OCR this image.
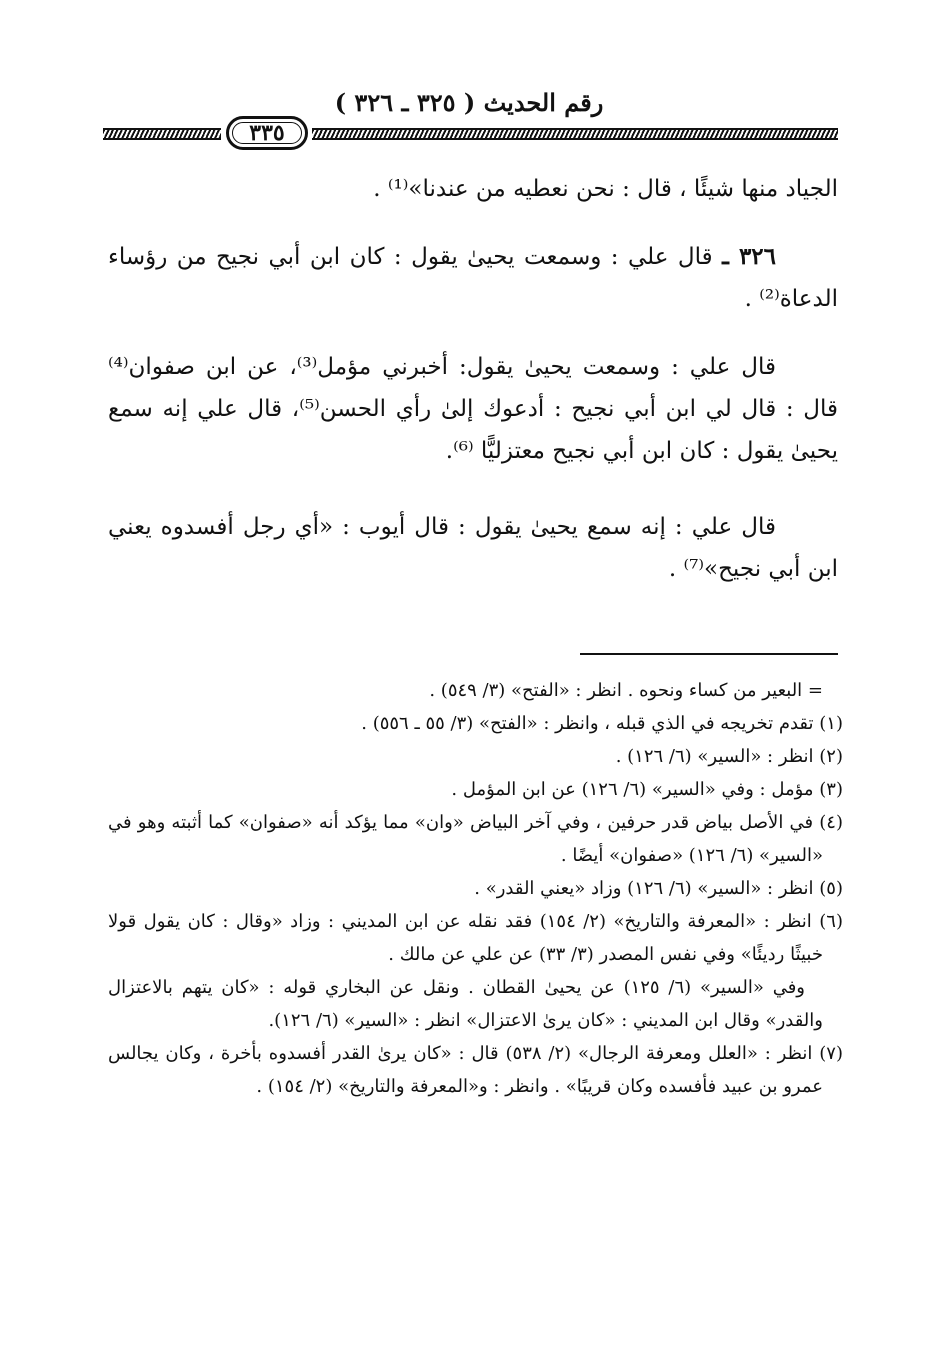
رقم الحديث ( ٣٢٥ ـ ٣٢٦ )
٣٣٥

الجياد منها شيئًا ، قال : نحن نعطيه من عندنا»⁽¹⁾ .

٣٢٦ ـ قال علي : وسمعت يحيىٰ يقول : كان ابن أبي نجيح من رؤساء الدعاة⁽²⁾ .

قال علي : وسمعت يحيىٰ يقول: أخبرني مؤمل⁽³⁾، عن ابن صفوان⁽⁴⁾ قال : قال لي ابن أبي نجيح : أدعوك إلىٰ رأي الحسن⁽⁵⁾، قال علي إنه سمع يحيىٰ يقول : كان ابن أبي نجيح معتزليًّا ⁽⁶⁾.

قال علي : إنه سمع يحيىٰ يقول : قال أيوب : «أي رجل أفسدوه يعني ابن أبي نجيح»⁽⁷⁾ .

= البعير من كساء ونحوه . انظر : «الفتح» (٣/ ٥٤٩) .

(١) تقدم تخريجه في الذي قبله ، وانظر : «الفتح» (٣/ ٥٥ ـ ٥٥٦) .

(٢) انظر : «السير» (٦/ ١٢٦) .

(٣) مؤمل : وفي «السير» (٦/ ١٢٦) عن ابن المؤمل .

(٤) في الأصل بياض قدر حرفين ، وفي آخر البياض «وان» مما يؤكد أنه «صفوان» كما أثبته وهو في «السير» (٦/ ١٢٦) «صفوان» أيضًا .

(٥) انظر : «السير» (٦/ ١٢٦) وزاد «يعني القدر» .

(٦) انظر : «المعرفة والتاريخ» (٢/ ١٥٤) فقد نقله عن ابن المديني : وزاد «وقال : كان يقول قولا خبيثًا رديئًا» وفي نفس المصدر (٣/ ٣٣) عن علي عن مالك .

وفي «السير» (٦/ ١٢٥) عن يحيىٰ القطان . ونقل عن البخاري قوله : «كان يتهم بالاعتزال والقدر» وقال ابن المديني : «كان يرىٰ الاعتزال» انظر : «السير» (٦/ ١٢٦).

(٧) انظر : «العلل ومعرفة الرجال» (٢/ ٥٣٨) قال : «كان يرىٰ القدر أفسدوه بأخرة ، وكان يجالس عمرو بن عبيد فأفسده وكان قريبًا» . وانظر : و«المعرفة والتاريخ» (٢/ ١٥٤) .
